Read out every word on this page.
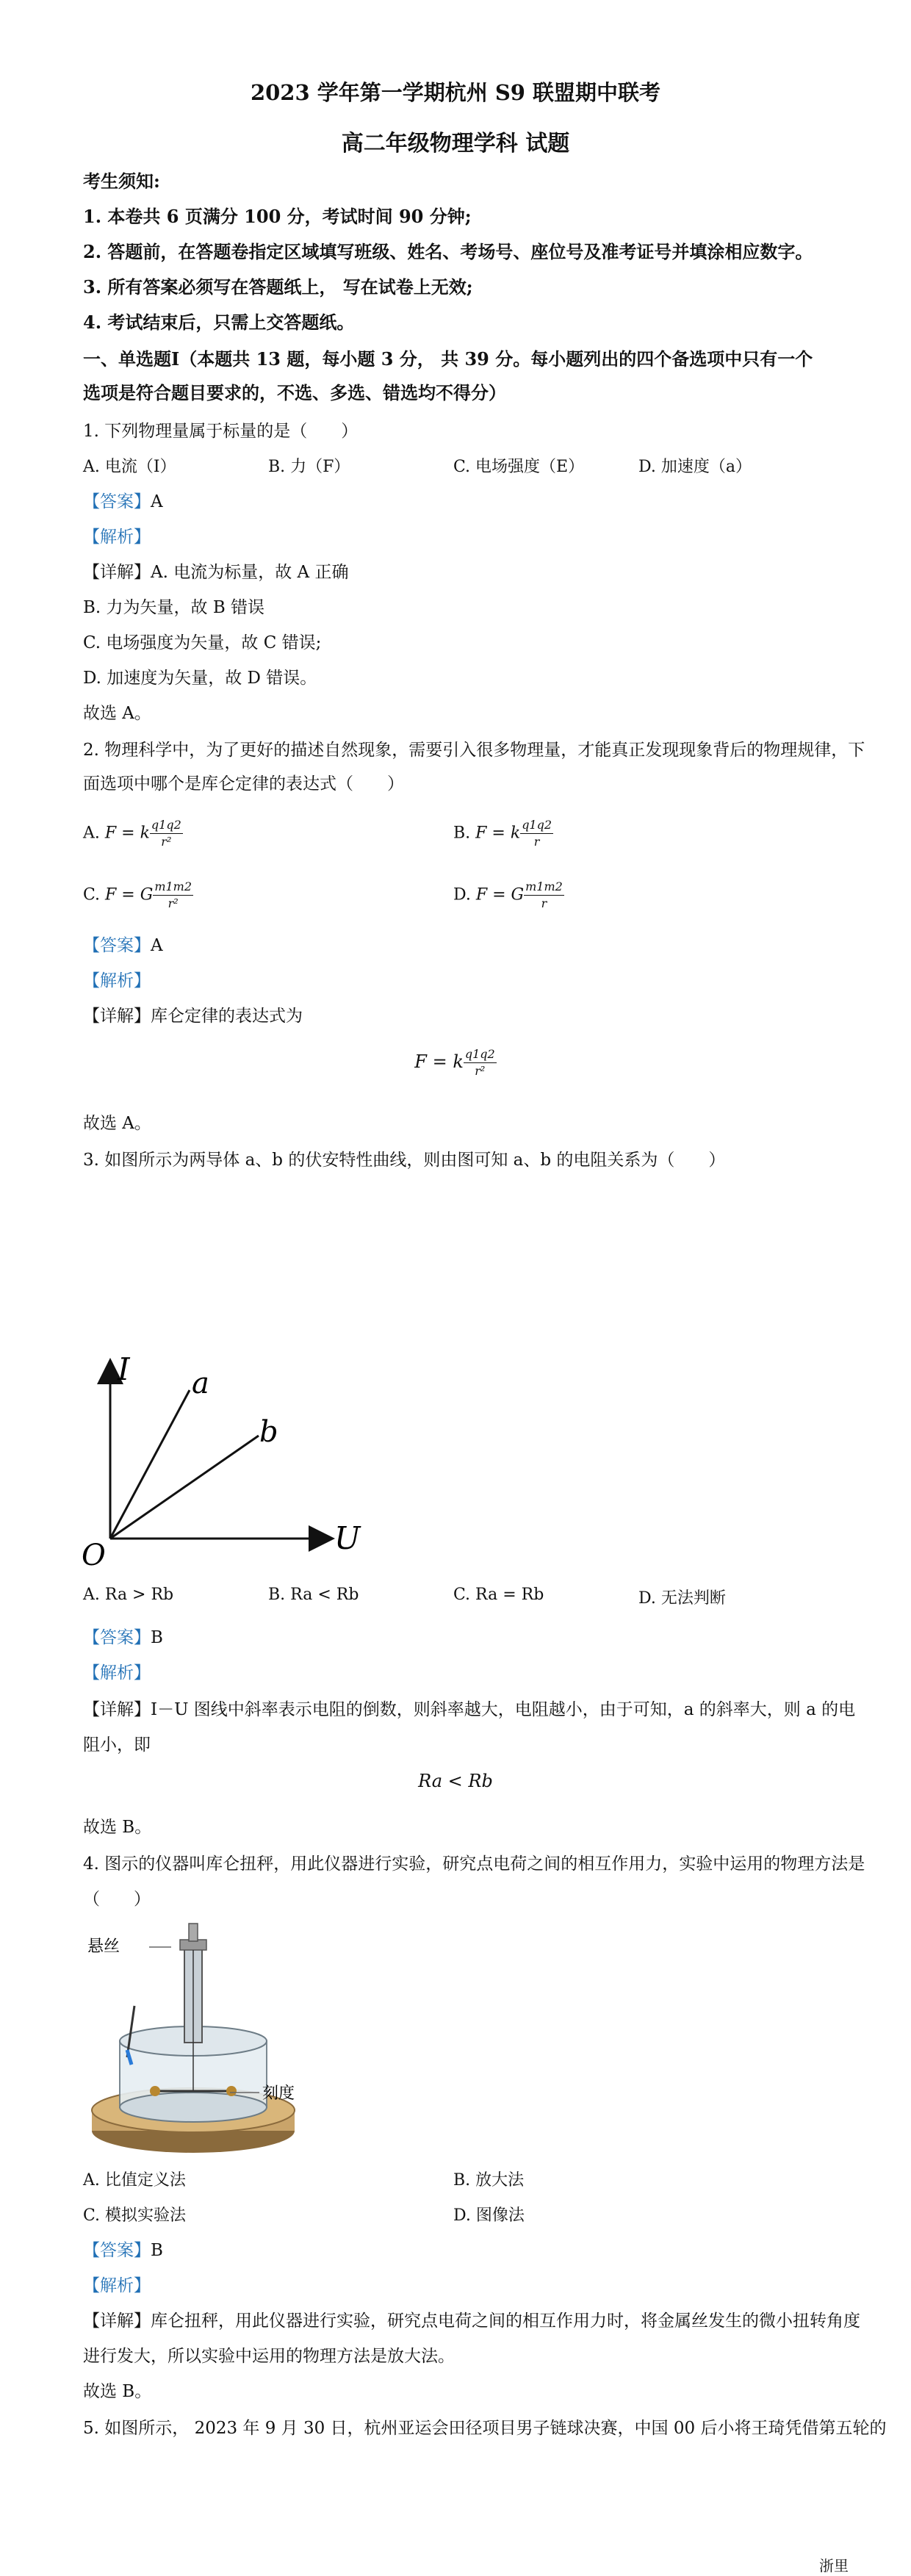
2023 学年第一学期杭州 S9 联盟期中联考
高二年级物理学科 试题
考生须知:
1. 本卷共 6 页满分 100 分，考试时间 90 分钟;
2. 答题前，在答题卷指定区域填写班级、姓名、考场号、座位号及准考证号并填涂相应数字。
3. 所有答案必须写在答题纸上， 写在试卷上无效;
4. 考试结束后，只需上交答题纸。
一、单选题I（本题共 13 题，每小题 3 分， 共 39 分。每小题列出的四个备选项中只有一个
选项是符合题目要求的，不选、多选、错选均不得分）
1. 下列物理量属于标量的是（　　）
A. 电流（I）	B. 力（F）	C. 电场强度（E）	D. 加速度（a）
【答案】A
【解析】
【详解】A. 电流为标量，故 A 正确
B. 力为矢量，故 B 错误
C. 电场强度为矢量，故 C 错误;
D. 加速度为矢量，故 D 错误。
故选 A。
2. 物理科学中，为了更好的描述自然现象，需要引入很多物理量，才能真正发现现象背后的物理规律，下
面选项中哪个是库仑定律的表达式（　　）
A. F = k $\frac{q1q2}{\text{r²}}$	B. F = k $\frac{q1q2}{r}$
C. F = G $\frac{m1m2}{\text{r²}}$	D. F = G $\frac{m1m2}{r}$
【答案】A
【解析】
【详解】库仑定律的表达式为
F = k $\frac{q1q2}{\text{r²}}$
故选 A。
3. 如图所示为两导体 a、b 的伏安特性曲线，则由图可知 a、b 的电阻关系为（　　）
I
U
O
a
b
A. Ra > Rb	B. Ra < Rb	C. Ra = Rb	D. 无法判断
【答案】B
【解析】
【详解】I－U 图线中斜率表示电阻的倒数，则斜率越大，电阻越小，由于可知，a 的斜率大，则 a 的电
阻小，即
Ra < Rb
故选 B。
4. 图示的仪器叫库仑扭秤，用此仪器进行实验，研究点电荷之间的相互作用力，实验中运用的物理方法是
（　　）
悬丝
刻度
A. 比值定义法	B. 放大法
C. 模拟实验法	D. 图像法
【答案】B
【解析】
【详解】库仑扭秤，用此仪器进行实验，研究点电荷之间的相互作用力时，将金属丝发生的微小扭转角度
进行发大，所以实验中运用的物理方法是放大法。
故选 B。
5. 如图所示， 2023 年 9 月 30 日，杭州亚运会田径项目男子链球决赛，中国 00 后小将王琦凭借第五轮的
浙里
